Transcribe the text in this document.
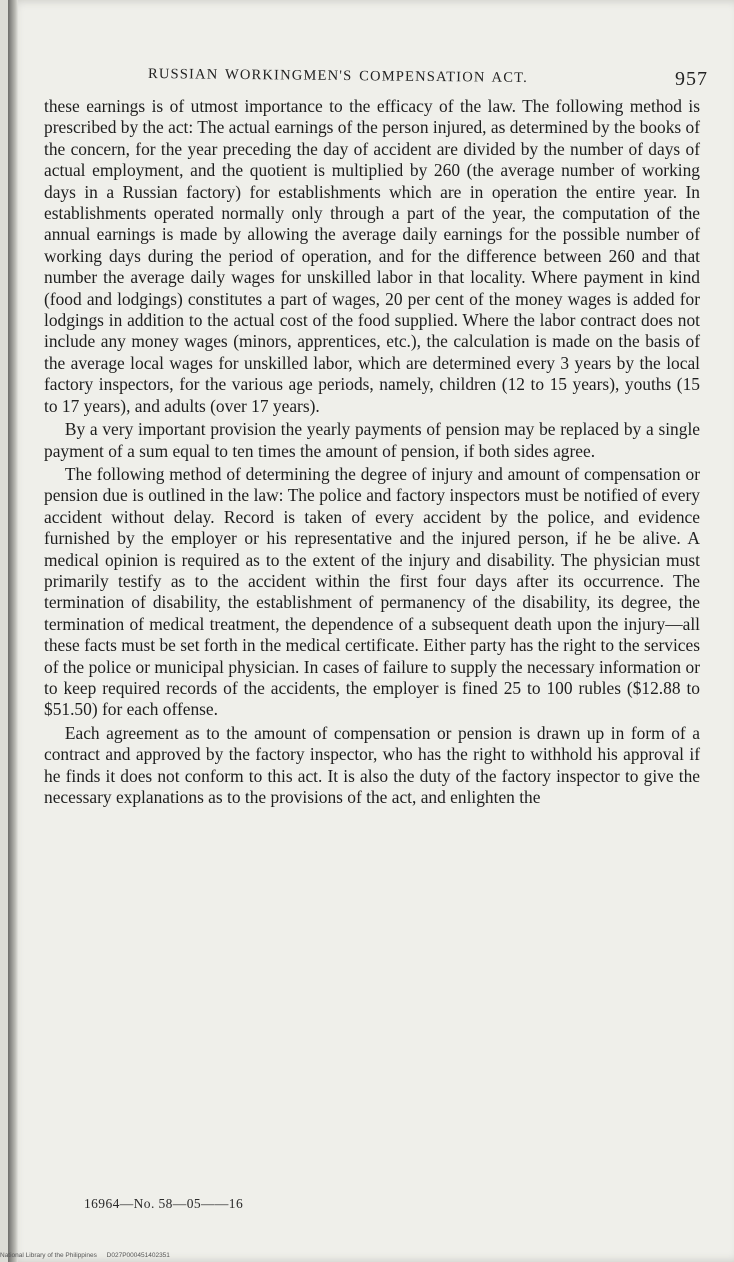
RUSSIAN WORKINGMEN'S COMPENSATION ACT.	957

these earnings is of utmost importance to the efficacy of the law. The following method is prescribed by the act: The actual earnings of the person injured, as determined by the books of the concern, for the year preceding the day of accident are divided by the number of days of actual employment, and the quotient is multiplied by 260 (the average number of working days in a Russian factory) for establishments which are in operation the entire year. In establishments operated normally only through a part of the year, the computation of the annual earnings is made by allowing the average daily earnings for the possible number of working days during the period of operation, and for the difference between 260 and that number the average daily wages for unskilled labor in that locality. Where payment in kind (food and lodgings) constitutes a part of wages, 20 per cent of the money wages is added for lodgings in addition to the actual cost of the food supplied. Where the labor contract does not include any money wages (minors, apprentices, etc.), the calculation is made on the basis of the average local wages for unskilled labor, which are determined every 3 years by the local factory inspectors, for the various age periods, namely, children (12 to 15 years), youths (15 to 17 years), and adults (over 17 years).

By a very important provision the yearly payments of pension may be replaced by a single payment of a sum equal to ten times the amount of pension, if both sides agree.

The following method of determining the degree of injury and amount of compensation or pension due is outlined in the law: The police and factory inspectors must be notified of every accident without delay. Record is taken of every accident by the police, and evidence furnished by the employer or his representative and the injured person, if he be alive. A medical opinion is required as to the extent of the injury and disability. The physician must primarily testify as to the accident within the first four days after its occurrence. The termination of disability, the establishment of permanency of the disability, its degree, the termination of medical treatment, the dependence of a subsequent death upon the injury—all these facts must be set forth in the medical certificate. Either party has the right to the services of the police or municipal physician. In cases of failure to supply the necessary information or to keep required records of the accidents, the employer is fined 25 to 100 rubles ($12.88 to $51.50) for each offense.

Each agreement as to the amount of compensation or pension is drawn up in form of a contract and approved by the factory inspector, who has the right to withhold his approval if he finds it does not conform to this act. It is also the duty of the factory inspector to give the necessary explanations as to the provisions of the act, and enlighten the

16964—No. 58—05——16
National Library of the Philippines D027P000451402351
